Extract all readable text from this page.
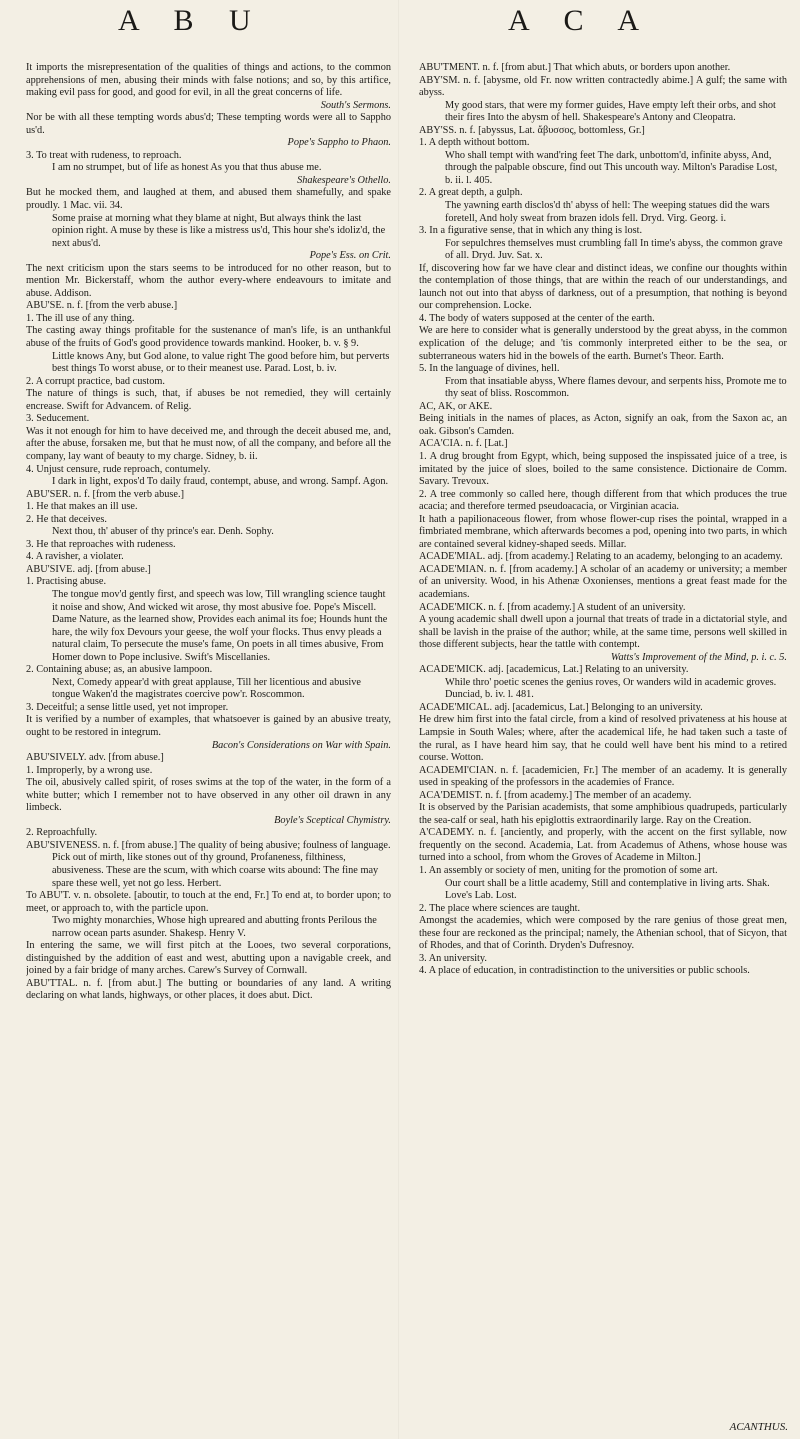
A B U	A C A

It imports the misrepresentation of the qualities of things and actions, to the common apprehensions of men, abusing their minds with false notions; and so, by this artifice, making evil pass for good, and good for evil, in all the great concerns of life.

South's Sermons.

Nor be with all these tempting words abus'd; These tempting words were all to Sappho us'd.

Pope's Sappho to Phaon.

3. To treat with rudeness, to reproach.

I am no strumpet, but of life as honest As you that thus abuse me.

Shakespeare's Othello.

But he mocked them, and laughed at them, and abused them shamefully, and spake proudly. 1 Mac. vii. 34.

Some praise at morning what they blame at night, But always think the last opinion right. A muse by these is like a mistress us'd, This hour she's idoliz'd, the next abus'd.

Pope's Ess. on Crit.

The next criticism upon the stars seems to be introduced for no other reason, but to mention Mr. Bickerstaff, whom the author every-where endeavours to imitate and abuse. Addison.

ABU'SE. n. f. [from the verb abuse.]

1. The ill use of any thing.

The casting away things profitable for the sustenance of man's life, is an unthankful abuse of the fruits of God's good providence towards mankind. Hooker, b. v. § 9.

Little knows Any, but God alone, to value right The good before him, but perverts best things To worst abuse, or to their meanest use. Parad. Lost, b. iv.

2. A corrupt practice, bad custom.

The nature of things is such, that, if abuses be not remedied, they will certainly encrease. Swift for Advancem. of Relig.

3. Seducement.

Was it not enough for him to have deceived me, and through the deceit abused me, and, after the abuse, forsaken me, but that he must now, of all the company, and before all the company, lay want of beauty to my charge. Sidney, b. ii.

4. Unjust censure, rude reproach, contumely.

I dark in light, expos'd To daily fraud, contempt, abuse, and wrong. Sampf. Agon.

ABU'SER. n. f. [from the verb abuse.]

1. He that makes an ill use.

2. He that deceives.

Next thou, th' abuser of thy prince's ear. Denh. Sophy.

3. He that reproaches with rudeness.

4. A ravisher, a violater.

ABU'SIVE. adj. [from abuse.]

1. Practising abuse.

The tongue mov'd gently first, and speech was low, Till wrangling science taught it noise and show, And wicked wit arose, thy most abusive foe. Pope's Miscell. Dame Nature, as the learned show, Provides each animal its foe; Hounds hunt the hare, the wily fox Devours your geese, the wolf your flocks. Thus envy pleads a natural claim, To persecute the muse's fame, On poets in all times abusive, From Homer down to Pope inclusive. Swift's Miscellanies.

2. Containing abuse; as, an abusive lampoon.

Next, Comedy appear'd with great applause, Till her licentious and abusive tongue Waken'd the magistrates coercive pow'r. Roscommon.

3. Deceitful; a sense little used, yet not improper.

It is verified by a number of examples, that whatsoever is gained by an abusive treaty, ought to be restored in integrum.

Bacon's Considerations on War with Spain.

ABU'SIVELY. adv. [from abuse.]

1. Improperly, by a wrong use.

The oil, abusively called spirit, of roses swims at the top of the water, in the form of a white butter; which I remember not to have observed in any other oil drawn in any limbeck.

Boyle's Sceptical Chymistry.

2. Reproachfully.

ABU'SIVENESS. n. f. [from abuse.] The quality of being abusive; foulness of language.

Pick out of mirth, like stones out of thy ground, Profaneness, filthiness, abusiveness. These are the scum, with which coarse wits abound: The fine may spare these well, yet not go less. Herbert.

To ABU'T. v. n. obsolete. [aboutir, to touch at the end, Fr.] To end at, to border upon; to meet, or approach to, with the particle upon.

Two mighty monarchies, Whose high upreared and abutting fronts Perilous the narrow ocean parts asunder. Shakesp. Henry V.

In entering the same, we will first pitch at the Looes, two several corporations, distinguished by the addition of east and west, abutting upon a navigable creek, and joined by a fair bridge of many arches. Carew's Survey of Cornwall.

ABU'TTAL. n. f. [from abut.] The butting or boundaries of any land. A writing declaring on what lands, highways, or other places, it does abut. Dict.

ABU'TMENT. n. f. [from abut.] That which abuts, or borders upon another.

ABY'SM. n. f. [abysme, old Fr. now written contractedly abime.] A gulf; the same with abyss.

My good stars, that were my former guides, Have empty left their orbs, and shot their fires Into the abysm of hell. Shakespeare's Antony and Cleopatra.

ABY'SS. n. f. [abyssus, Lat. ἄβυσσος, bottomless, Gr.]

1. A depth without bottom.

Who shall tempt with wand'ring feet The dark, unbottom'd, infinite abyss, And, through the palpable obscure, find out This uncouth way. Milton's Paradise Lost, b. ii. l. 405.

2. A great depth, a gulph.

The yawning earth disclos'd th' abyss of hell: The weeping statues did the wars foretell, And holy sweat from brazen idols fell. Dryd. Virg. Georg. i.

3. In a figurative sense, that in which any thing is lost.

For sepulchres themselves must crumbling fall In time's abyss, the common grave of all. Dryd. Juv. Sat. x.

If, discovering how far we have clear and distinct ideas, we confine our thoughts within the contemplation of those things, that are within the reach of our understandings, and launch not out into that abyss of darkness, out of a presumption, that nothing is beyond our comprehension. Locke.

4. The body of waters supposed at the center of the earth.

We are here to consider what is generally understood by the great abyss, in the common explication of the deluge; and 'tis commonly interpreted either to be the sea, or subterraneous waters hid in the bowels of the earth. Burnet's Theor. Earth.

5. In the language of divines, hell.

From that insatiable abyss, Where flames devour, and serpents hiss, Promote me to thy seat of bliss. Roscommon.

AC, AK, or AKE.

Being initials in the names of places, as Acton, signify an oak, from the Saxon ac, an oak. Gibson's Camden.

ACA'CIA. n. f. [Lat.]

1. A drug brought from Egypt, which, being supposed the inspissated juice of a tree, is imitated by the juice of sloes, boiled to the same consistence. Dictionaire de Comm. Savary. Trevoux.

2. A tree commonly so called here, though different from that which produces the true acacia; and therefore termed pseudoacacia, or Virginian acacia.

It hath a papilionaceous flower, from whose flower-cup rises the pointal, wrapped in a fimbriated membrane, which afterwards becomes a pod, opening into two parts, in which are contained several kidney-shaped seeds. Millar.

ACADE'MIAL. adj. [from academy.] Relating to an academy, belonging to an academy.

ACADE'MIAN. n. f. [from academy.] A scholar of an academy or university; a member of an university. Wood, in his Athenæ Oxonienses, mentions a great feast made for the academians.

ACADE'MICK. n. f. [from academy.] A student of an university.

A young academic shall dwell upon a journal that treats of trade in a dictatorial style, and shall be lavish in the praise of the author; while, at the same time, persons well skilled in those different subjects, hear the tattle with contempt.

Watts's Improvement of the Mind, p. i. c. 5.

ACADE'MICK. adj. [academicus, Lat.] Relating to an university.

While thro' poetic scenes the genius roves, Or wanders wild in academic groves. Dunciad, b. iv. l. 481.

ACADE'MICAL. adj. [academicus, Lat.] Belonging to an university.

He drew him first into the fatal circle, from a kind of resolved privateness at his house at Lampsie in South Wales; where, after the academical life, he had taken such a taste of the rural, as I have heard him say, that he could well have bent his mind to a retired course. Wotton.

ACADEMI'CIAN. n. f. [academicien, Fr.] The member of an academy. It is generally used in speaking of the professors in the academies of France.

ACA'DEMIST. n. f. [from academy.] The member of an academy.

It is observed by the Parisian academists, that some amphibious quadrupeds, particularly the sea-calf or seal, hath his epiglottis extraordinarily large. Ray on the Creation.

A'CADEMY. n. f. [anciently, and properly, with the accent on the first syllable, now frequently on the second. Academia, Lat. from Academus of Athens, whose house was turned into a school, from whom the Groves of Academe in Milton.]

1. An assembly or society of men, uniting for the promotion of some art.

Our court shall be a little academy, Still and contemplative in living arts. Shak. Love's Lab. Lost.

2. The place where sciences are taught.

Amongst the academies, which were composed by the rare genius of those great men, these four are reckoned as the principal; namely, the Athenian school, that of Sicyon, that of Rhodes, and that of Corinth. Dryden's Dufresnoy.

3. An university.

4. A place of education, in contradistinction to the universities or public schools.

ACANTHUS.
